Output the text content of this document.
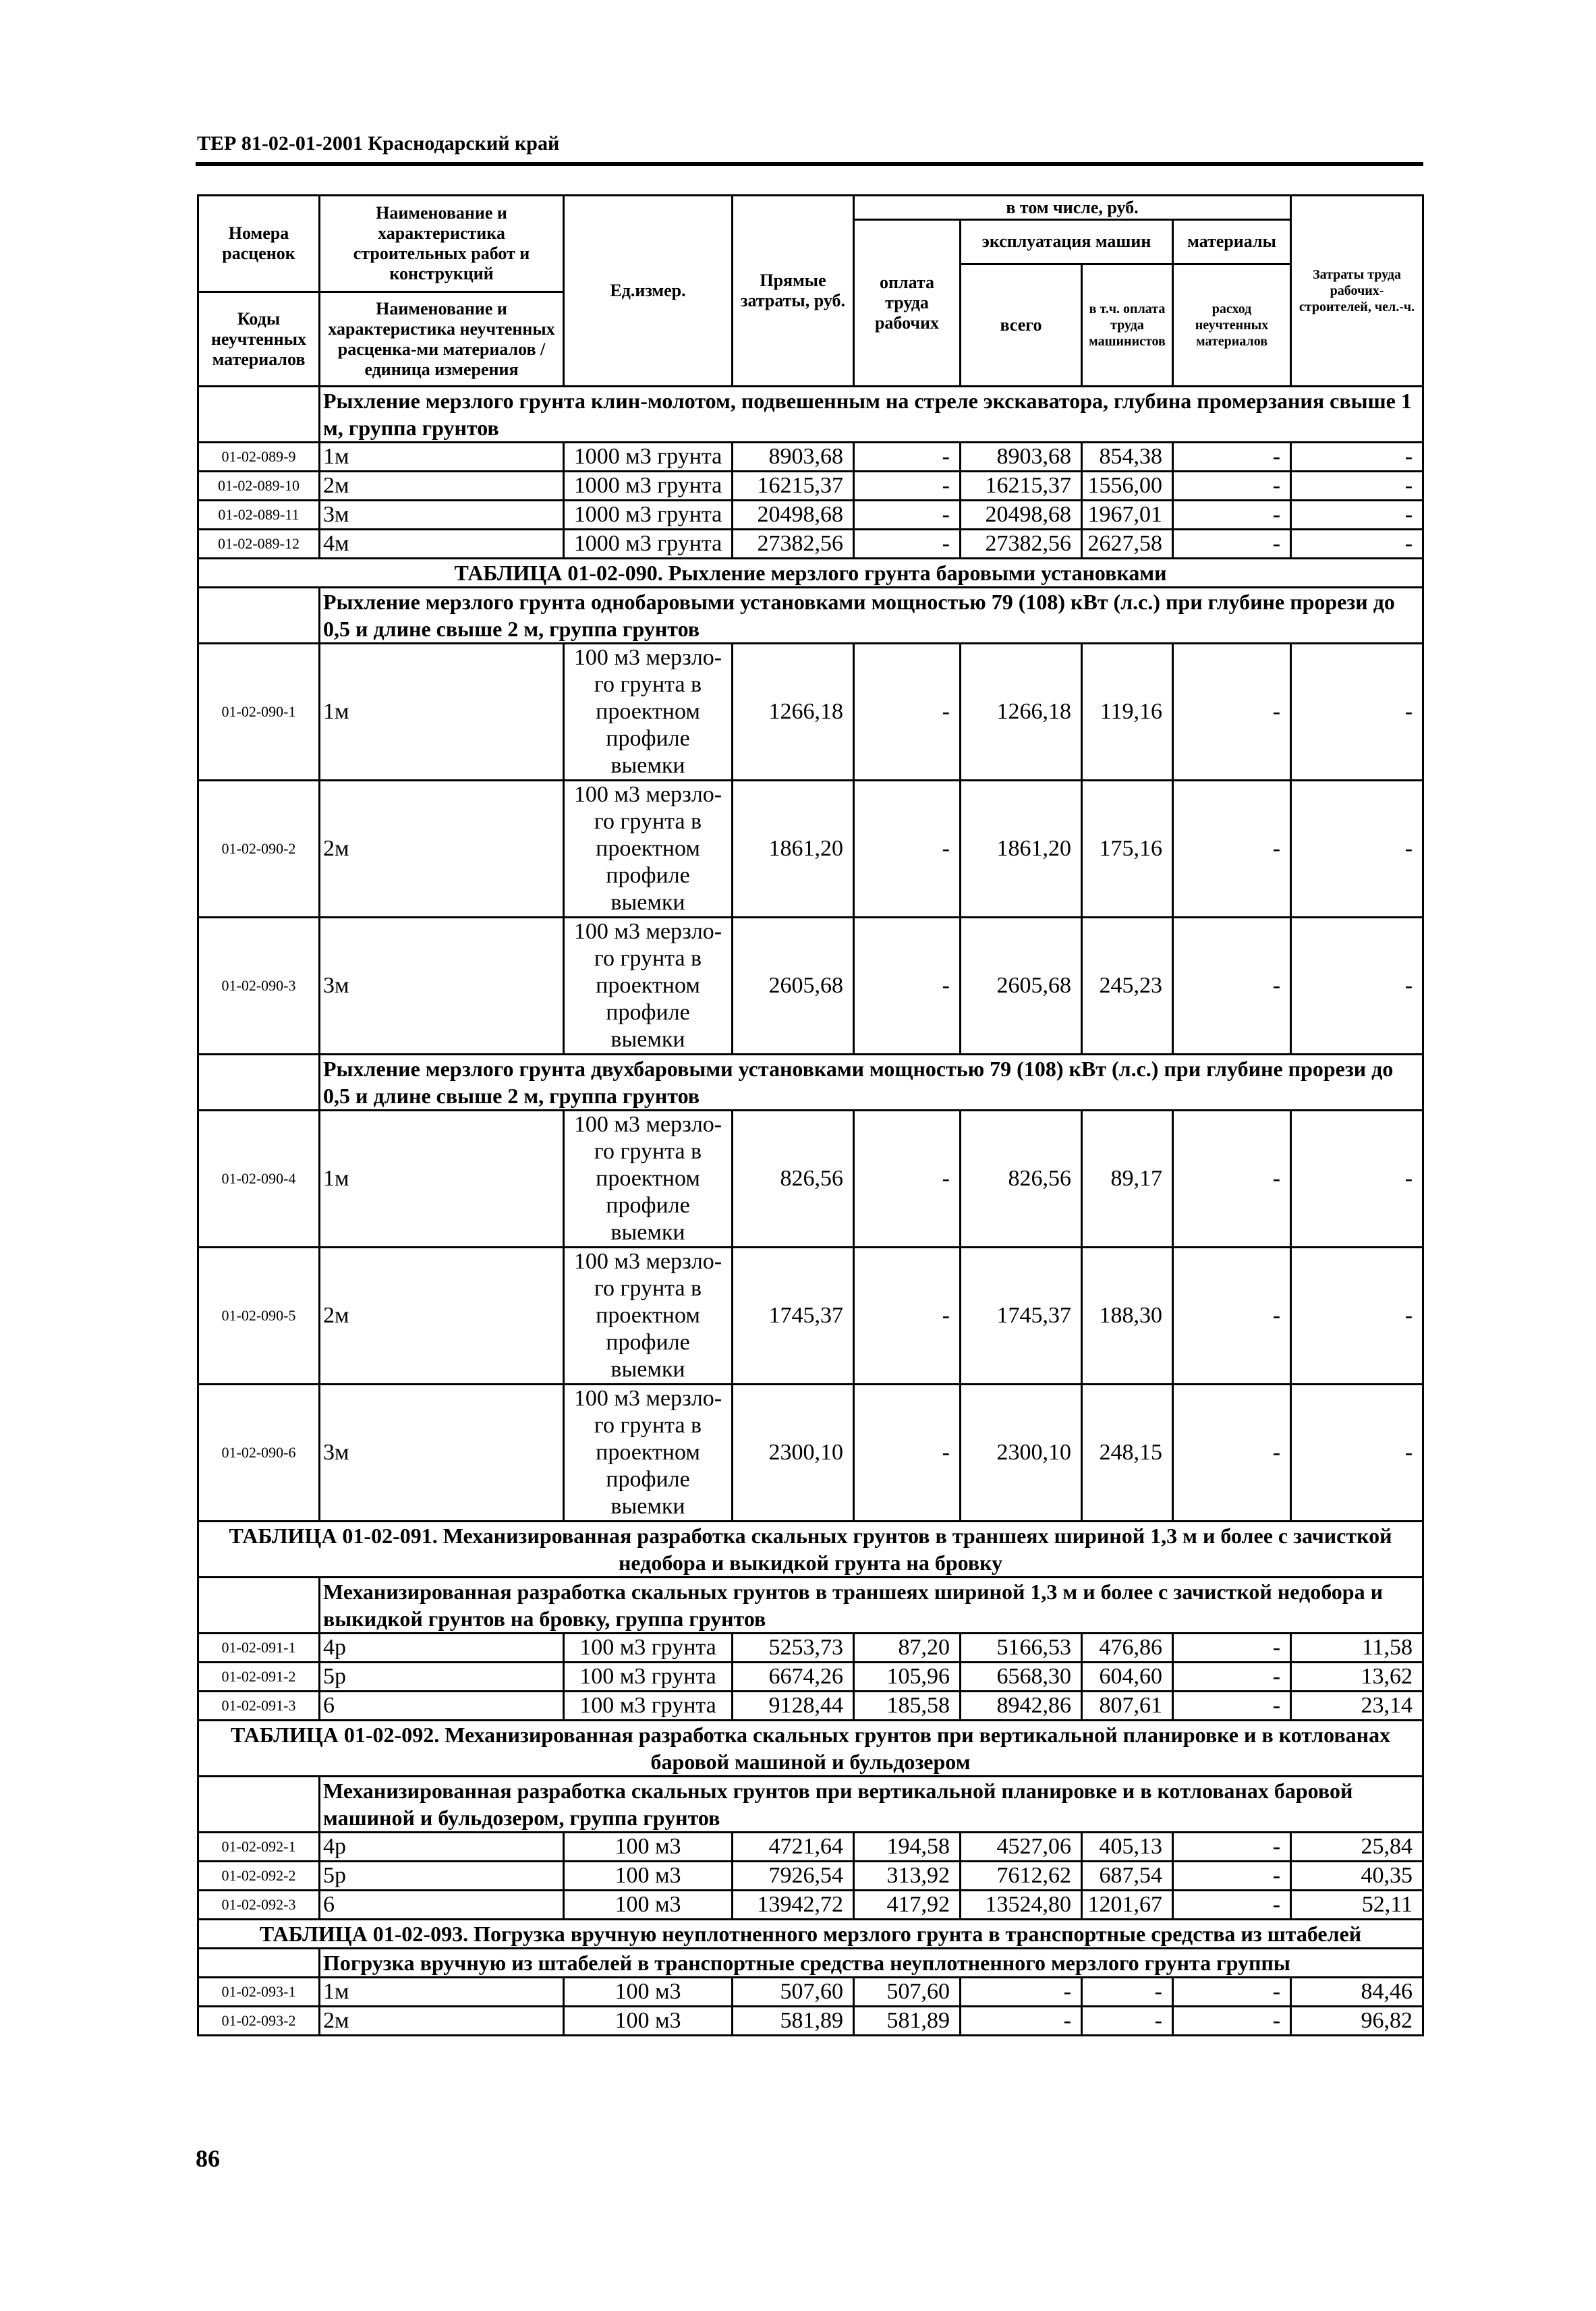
ТЕР 81-02-01-2001 Краснодарский край
Номера расценок	Наименование и характеристика строительных работ и конструкций	Ед.измер.	Прямые затраты, руб.	в том числе, руб.				Затраты труда рабочих-строителей, чел.-ч.
				оплата труда рабочих	эксплуатация машин		материалы	
					всего	в т.ч. оплата труда машинистов	расход неучтенных материалов	
Коды неучтенных материалов	Наименование и характеристика неучтенных расценка-ми материалов / единица измерения							

	Рыхление мерзлого грунта клин-молотом, подвешенным на стреле экскаватора, глубина промерзания свыше 1 м, группа грунтов							
01-02-089-9	1м	1000 м3 грунта	8903,68	-	8903,68	854,38	-	-
01-02-089-10	2м	1000 м3 грунта	16215,37	-	16215,37	1556,00	-	-
01-02-089-11	3м	1000 м3 грунта	20498,68	-	20498,68	1967,01	-	-
01-02-089-12	4м	1000 м3 грунта	27382,56	-	27382,56	2627,58	-	-
ТАБЛИЦА 01-02-090. Рыхление мерзлого грунта баровыми установками								
	Рыхление мерзлого грунта однобаровыми установками мощностью 79 (108) кВт (л.с.) при глубине прорези до 0,5 и длине свыше 2 м, группа грунтов							
01-02-090-1	1м	100 м3 мерзло-го грунта в проектном профиле выемки	1266,18	-	1266,18	119,16	-	-
01-02-090-2	2м	100 м3 мерзло-го грунта в проектном профиле выемки	1861,20	-	1861,20	175,16	-	-
01-02-090-3	3м	100 м3 мерзло-го грунта в проектном профиле выемки	2605,68	-	2605,68	245,23	-	-
	Рыхление мерзлого грунта двухбаровыми установками мощностью 79 (108) кВт (л.с.) при глубине прорези до 0,5 и длине свыше 2 м, группа грунтов							
01-02-090-4	1м	100 м3 мерзло-го грунта в проектном профиле выемки	826,56	-	826,56	89,17	-	-
01-02-090-5	2м	100 м3 мерзло-го грунта в проектном профиле выемки	1745,37	-	1745,37	188,30	-	-
01-02-090-6	3м	100 м3 мерзло-го грунта в проектном профиле выемки	2300,10	-	2300,10	248,15	-	-
ТАБЛИЦА 01-02-091. Механизированная разработка скальных грунтов в траншеях шириной 1,3 м и более с зачисткой недобора и выкидкой грунта на бровку								
	Механизированная разработка скальных грунтов в траншеях шириной 1,3 м и более с зачисткой недобора и выкидкой грунтов на бровку, группа грунтов							
01-02-091-1	4р	100 м3 грунта	5253,73	87,20	5166,53	476,86	-	11,58
01-02-091-2	5р	100 м3 грунта	6674,26	105,96	6568,30	604,60	-	13,62
01-02-091-3	6	100 м3 грунта	9128,44	185,58	8942,86	807,61	-	23,14
ТАБЛИЦА 01-02-092. Механизированная разработка скальных грунтов при вертикальной планировке и в котлованах баровой машиной и бульдозером								
	Механизированная разработка скальных грунтов при вертикальной планировке и в котлованах баровой машиной и бульдозером, группа грунтов							
01-02-092-1	4р	100 м3	4721,64	194,58	4527,06	405,13	-	25,84
01-02-092-2	5р	100 м3	7926,54	313,92	7612,62	687,54	-	40,35
01-02-092-3	6	100 м3	13942,72	417,92	13524,80	1201,67	-	52,11
ТАБЛИЦА 01-02-093. Погрузка вручную неуплотненного мерзлого грунта в транспортные средства из штабелей								
	Погрузка вручную из штабелей в транспортные средства неуплотненного мерзлого грунта группы							
01-02-093-1	1м	100 м3	507,60	507,60	-	-	-	84,46
01-02-093-2	2м	100 м3	581,89	581,89	-	-	-	96,82
86
